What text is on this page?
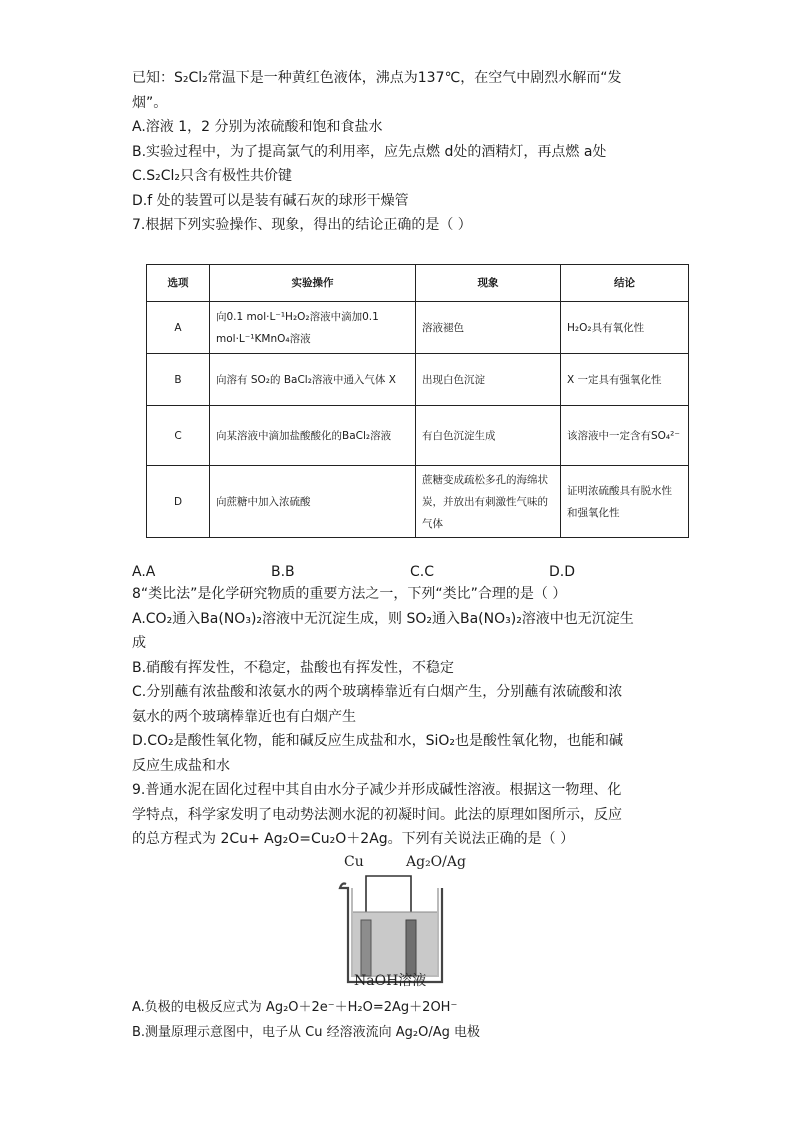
已知：S₂Cl₂常温下是一种黄红色液体，沸点为137℃，在空气中剧烈水解而“发
烟”。
A.溶液 1，2 分别为浓硫酸和饱和食盐水
B.实验过程中，为了提高氯气的利用率，应先点燃 d处的酒精灯，再点燃 a处
C.S₂Cl₂只含有极性共价键
D.f 处的装置可以是装有碱石灰的球形干燥管
7.根据下列实验操作、现象，得出的结论正确的是（ ）
选项	实验操作	现象	结论
A	向0.1 mol·L⁻¹H₂O₂溶液中滴加0.1 mol·L⁻¹KMnO₄溶液	溶液褪色	H₂O₂具有氧化性
B	向溶有 SO₂的 BaCl₂溶液中通入气体 X	出现白色沉淀	X 一定具有强氧化性
C	向某溶液中滴加盐酸酸化的BaCl₂溶液	有白色沉淀生成	该溶液中一定含有SO₄²⁻
D	向蔗糖中加入浓硫酸	蔗糖变成疏松多孔的海绵状炭，并放出有刺激性气味的气体	证明浓硫酸具有脱水性和强氧化性
A.A	B.B	C.C	D.D
8“类比法”是化学研究物质的重要方法之一，下列“类比”合理的是（ ）
A.CO₂通入Ba(NO₃)₂溶液中无沉淀生成，则 SO₂通入Ba(NO₃)₂溶液中也无沉淀生
成
B.硝酸有挥发性，不稳定，盐酸也有挥发性，不稳定
C.分别蘸有浓盐酸和浓氨水的两个玻璃棒靠近有白烟产生，分别蘸有浓硫酸和浓
氨水的两个玻璃棒靠近也有白烟产生
D.CO₂是酸性氧化物，能和碱反应生成盐和水，SiO₂也是酸性氧化物，也能和碱
反应生成盐和水
9.普通水泥在固化过程中其自由水分子减少并形成碱性溶液。根据这一物理、化
学特点，科学家发明了电动势法测水泥的初凝时间。此法的原理如图所示，反应
的总方程式为 2Cu+ Ag₂O=Cu₂O＋2Ag。下列有关说法正确的是（ ）
Cu	Ag₂O/Ag
NaOH溶液
A.负极的电极反应式为 Ag₂O＋2e⁻＋H₂O=2Ag＋2OH⁻
B.测量原理示意图中，电子从 Cu 经溶液流向 Ag₂O/Ag 电极
